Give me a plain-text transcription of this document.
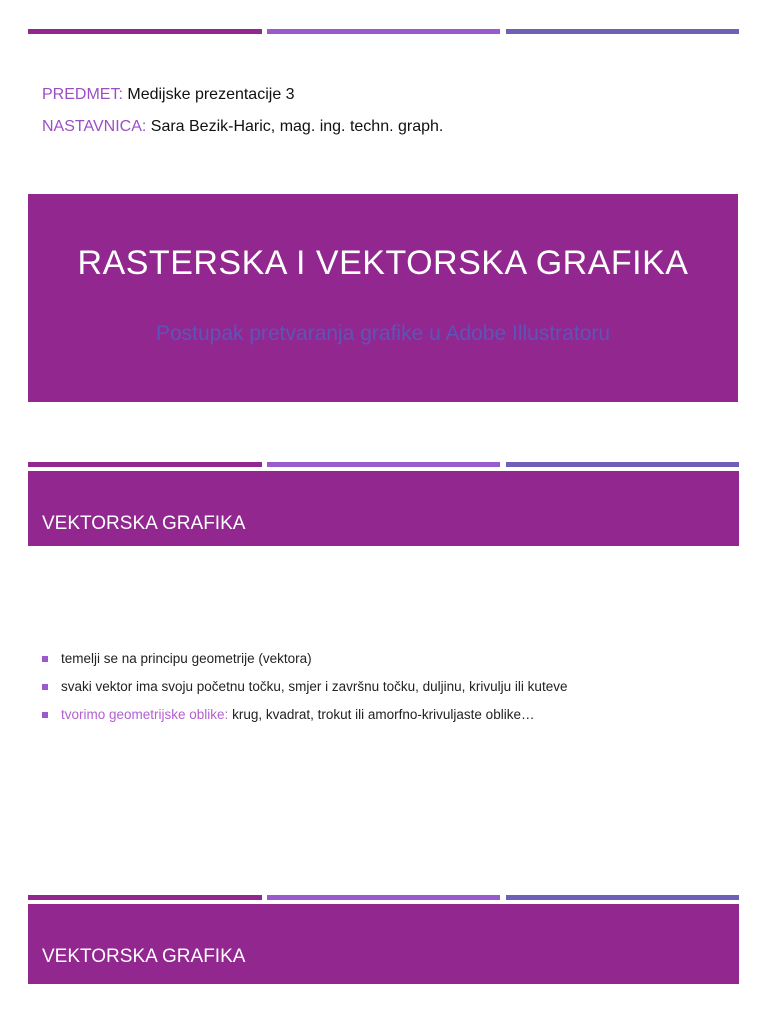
PREDMET: Medijske prezentacije 3
NASTAVNICA: Sara Bezik-Haric, mag. ing. techn. graph.
RASTERSKA I VEKTORSKA GRAFIKA
Postupak pretvaranja grafike u Adobe Illustratoru
VEKTORSKA GRAFIKA
temelji se na principu geometrije (vektora)
svaki vektor ima svoju početnu točku, smjer i završnu točku, duljinu, krivulju ili kuteve
tvorimo geometrijske oblike: krug, kvadrat, trokut ili amorfno-krivuljaste oblike…
VEKTORSKA GRAFIKA
